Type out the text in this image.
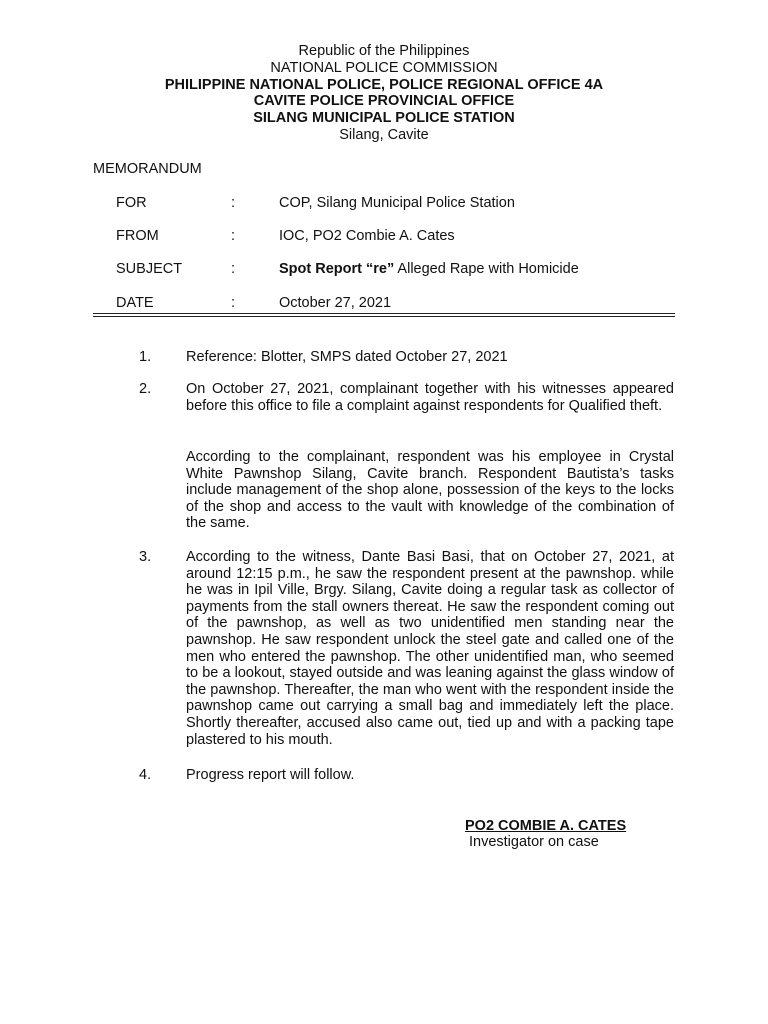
Republic of the Philippines
NATIONAL POLICE COMMISSION
PHILIPPINE NATIONAL POLICE, POLICE REGIONAL OFFICE 4A
CAVITE POLICE PROVINCIAL OFFICE
SILANG MUNICIPAL POLICE STATION
Silang, Cavite
MEMORANDUM
FOR	:	COP, Silang Municipal Police Station
FROM	:	IOC, PO2 Combie A. Cates
SUBJECT	:	Spot Report “re” Alleged Rape with Homicide
DATE	:	October 27, 2021
1. Reference: Blotter, SMPS dated October 27, 2021
2. On October 27, 2021, complainant together with his witnesses appeared before this office to file a complaint against respondents for Qualified theft.
According to the complainant, respondent was his employee in Crystal White Pawnshop Silang, Cavite branch. Respondent Bautista’s tasks include management of the shop alone, possession of the keys to the locks of the shop and access to the vault with knowledge of the combination of the same.
3. According to the witness, Dante Basi Basi, that on October 27, 2021, at around 12:15 p.m., he saw the respondent present at the pawnshop. while he was in Ipil Ville, Brgy. Silang, Cavite doing a regular task as collector of payments from the stall owners thereat. He saw the respondent coming out of the pawnshop, as well as two unidentified men standing near the pawnshop. He saw respondent unlock the steel gate and called one of the men who entered the pawnshop. The other unidentified man, who seemed to be a lookout, stayed outside and was leaning against the glass window of the pawnshop. Thereafter, the man who went with the respondent inside the pawnshop came out carrying a small bag and immediately left the place. Shortly thereafter, accused also came out, tied up and with a packing tape plastered to his mouth.
4. Progress report will follow.
PO2 COMBIE A. CATES
Investigator on case
